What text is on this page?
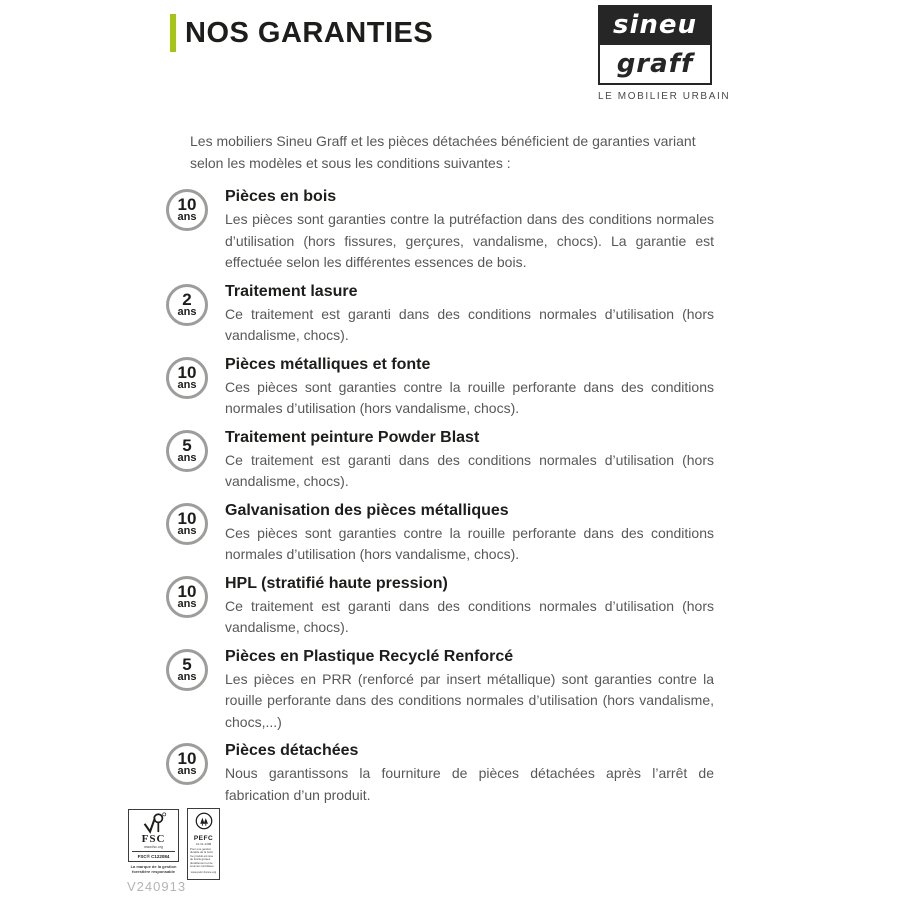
NOS GARANTIES	sineu
graff
LE MOBILIER URBAIN

Les mobiliers Sineu Graff et les pièces détachées bénéficient de garanties variant selon les modèles et sous les conditions suivantes :

10
ans
Pièces en bois

Les pièces sont garanties contre la putréfaction dans des conditions normales d’utilisation (hors fissures, gerçures, vandalisme, chocs). La garantie est effectuée selon les différentes essences de bois.

2
ans
Traitement lasure

Ce traitement est garanti dans des conditions normales d’utilisation (hors vandalisme, chocs).

10
ans
Pièces métalliques et fonte

Ces pièces sont garanties contre la rouille perforante dans des conditions normales d’utilisation (hors vandalisme, chocs).

5
ans
Traitement peinture Powder Blast

Ce traitement est garanti dans des conditions normales d’utilisation (hors vandalisme, chocs).

10
ans
Galvanisation des pièces métalliques

Ces pièces sont garanties contre la rouille perforante dans des conditions normales d’utilisation (hors vandalisme, chocs).

10
ans
HPL (stratifié haute pression)

Ce traitement est garanti dans des conditions normales d’utilisation (hors vandalisme, chocs).

5
ans
Pièces en Plastique Recyclé Renforcé

Les pièces en PRR (renforcé par insert métallique) sont garanties contre la rouille perforante dans des conditions normales d’utilisation (hors vandalisme, chocs,...)

10
ans
Pièces détachées

Nous garantissons la fourniture de pièces détachées après l’arrêt de fabrication d’un produit.

FSC
www.fsc.org
FSC® C122084
La marque de la gestion forestière responsable
PEFC
10-31-1398
Pour une gestion durable de la forêt. Ce produit est issu de forêts gérées durablement et de sources contrôlées.
www.pefc-france.org
V240913
